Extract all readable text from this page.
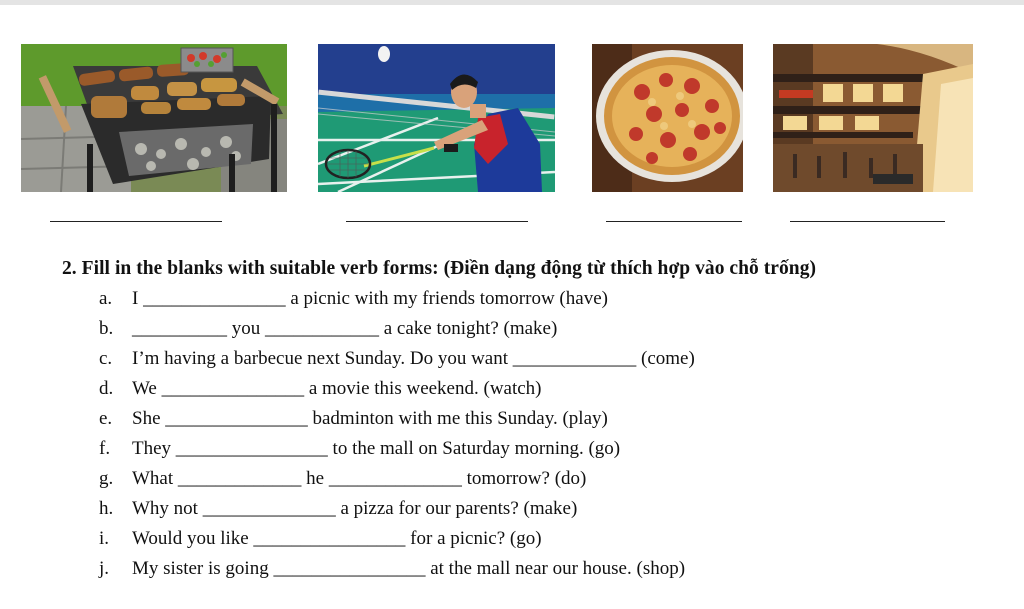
2. Fill in the blanks with suitable verb forms: (Điền dạng động từ thích hợp vào chỗ trống)
a. I _______________ a picnic with my friends tomorrow (have)
b. __________ you ____________ a cake tonight? (make)
c. I’m having a barbecue next Sunday. Do you want _____________ (come)
d. We _______________ a movie this weekend. (watch)
e. She _______________ badminton with me this Sunday. (play)
f. They ________________ to the mall on Saturday morning. (go)
g. What _____________ he ______________ tomorrow? (do)
h. Why not ______________ a pizza for our parents? (make)
i. Would you like ________________ for a picnic? (go)
j. My sister is going ________________ at the mall near our house. (shop)
